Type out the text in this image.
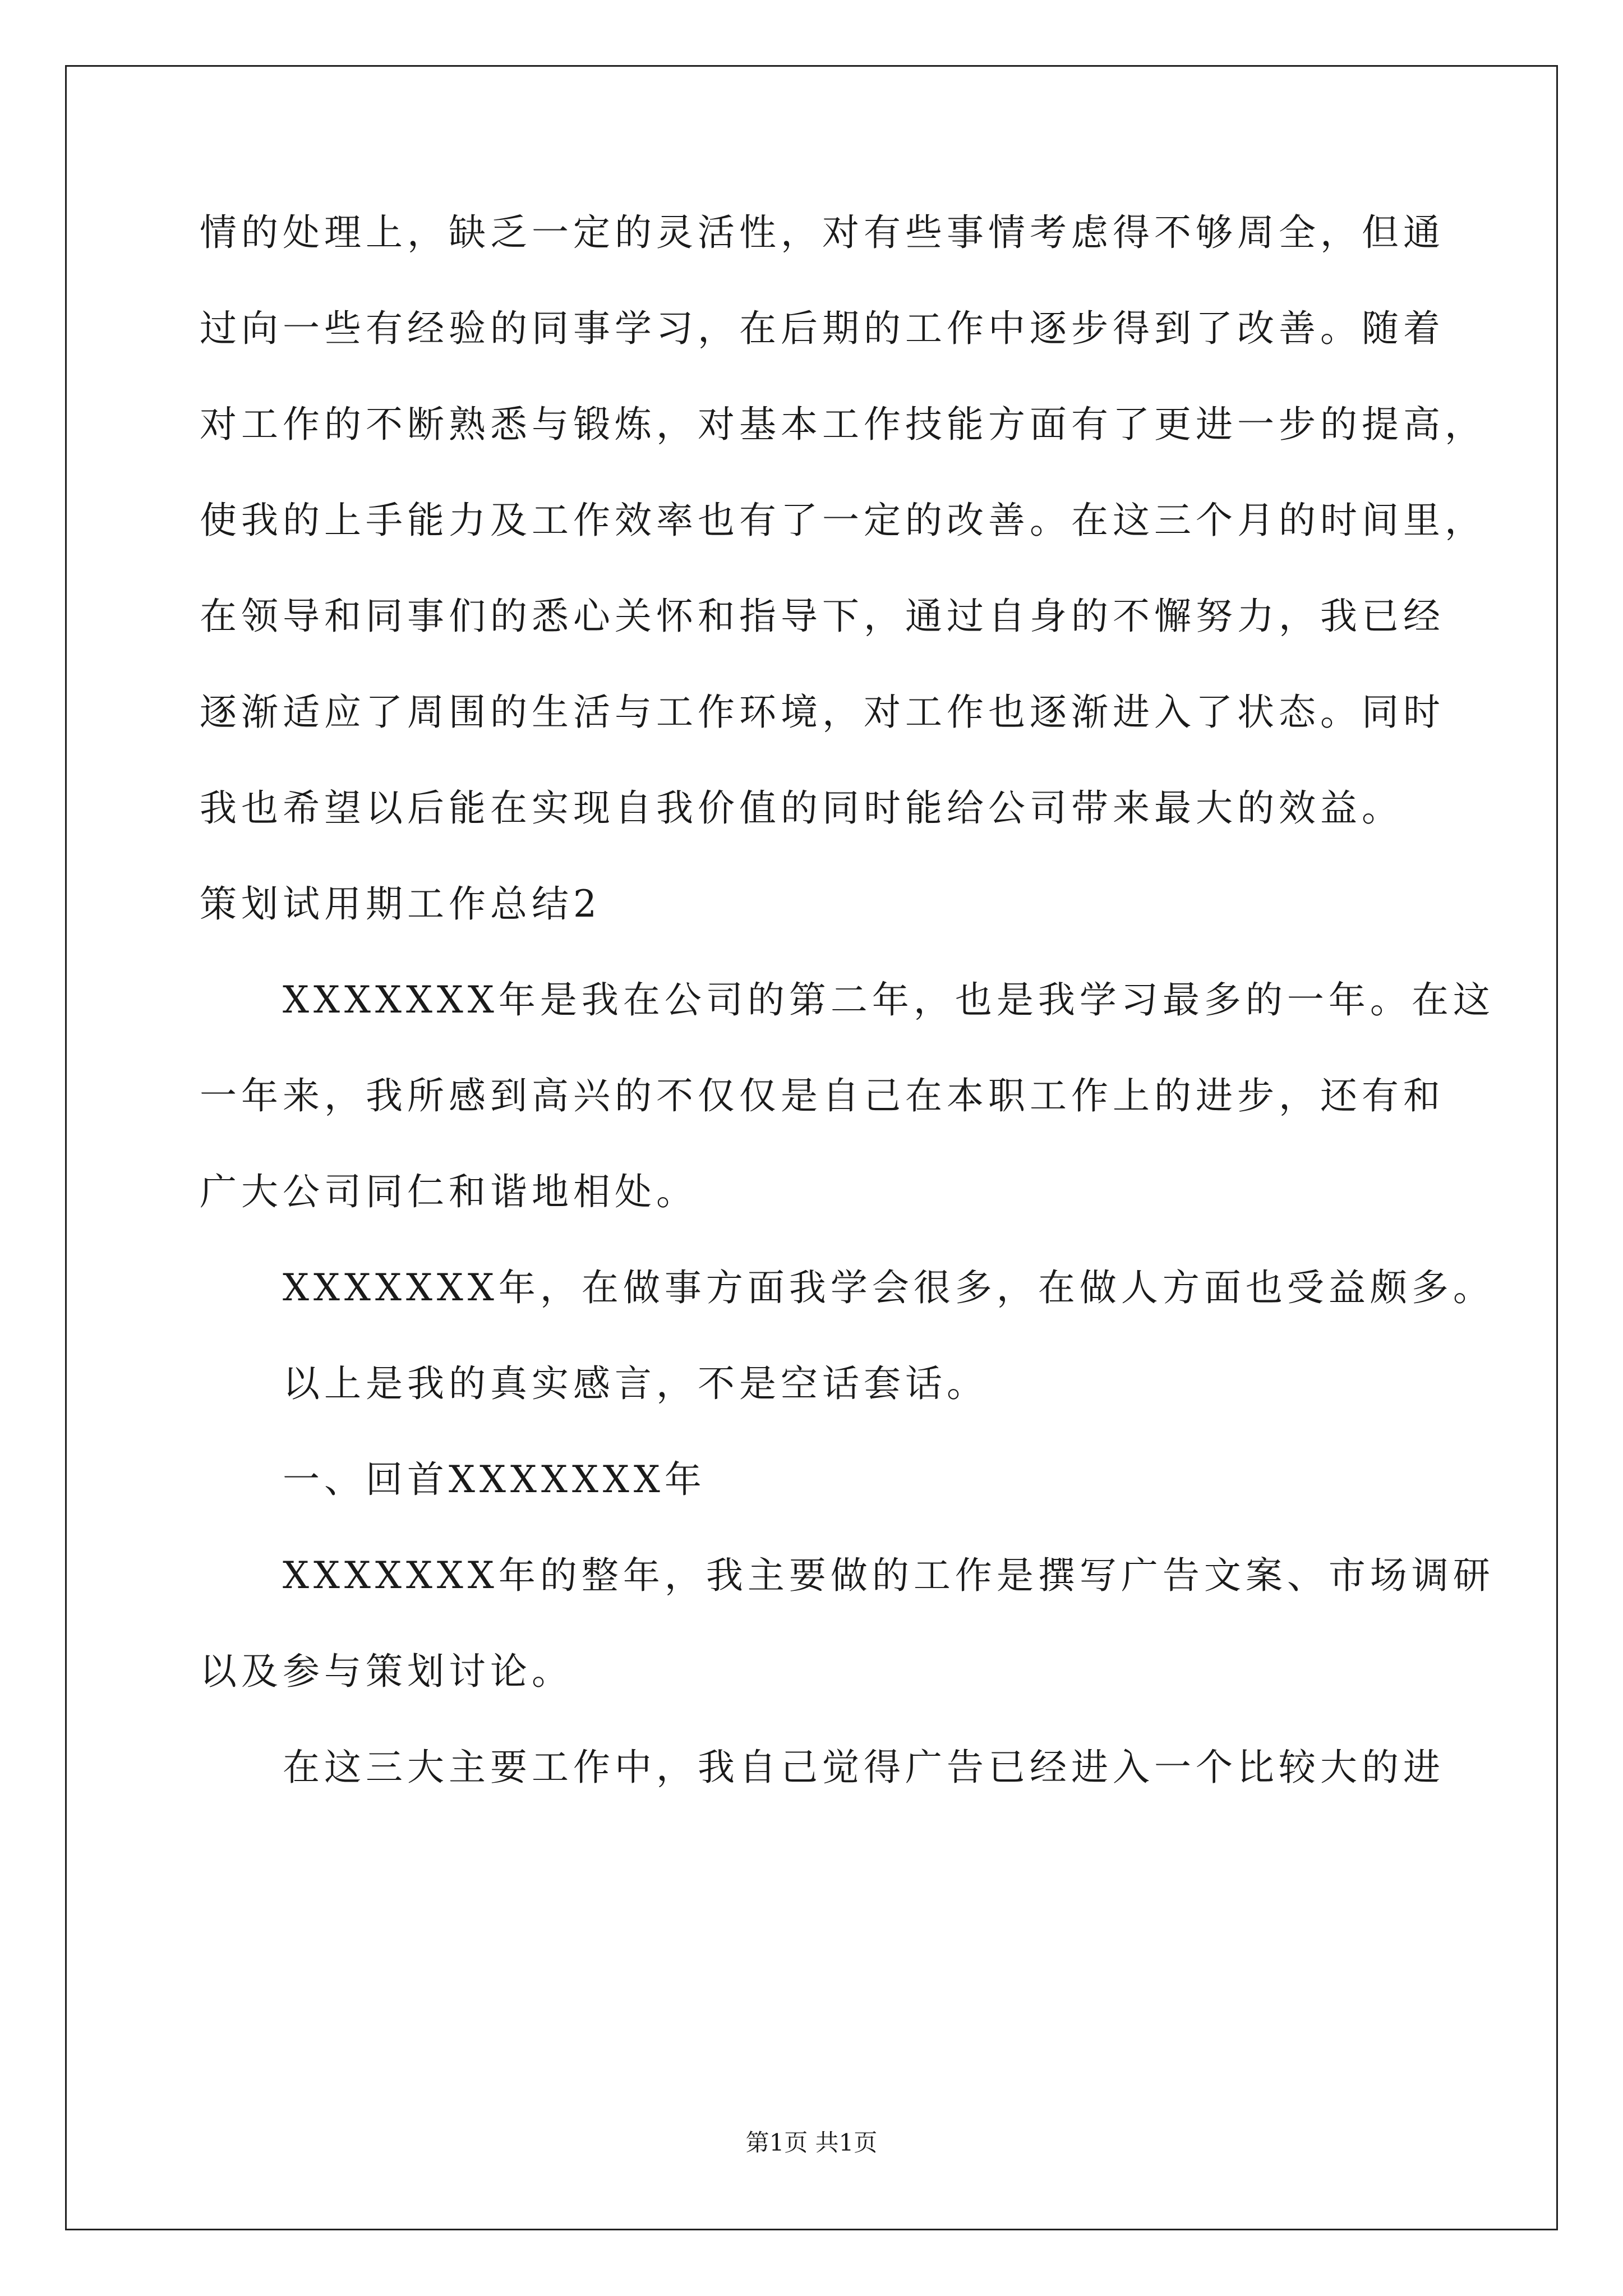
情的处理上，缺乏一定的灵活性，对有些事情考虑得不够周全，但通
过向一些有经验的同事学习，在后期的工作中逐步得到了改善。随着
对工作的不断熟悉与锻炼，对基本工作技能方面有了更进一步的提高，
使我的上手能力及工作效率也有了一定的改善。在这三个月的时间里，
在领导和同事们的悉心关怀和指导下，通过自身的不懈努力，我已经
逐渐适应了周围的生活与工作环境，对工作也逐渐进入了状态。同时
我也希望以后能在实现自我价值的同时能给公司带来最大的效益。
策划试用期工作总结2
XXXXXXX年是我在公司的第二年，也是我学习最多的一年。在这
一年来，我所感到高兴的不仅仅是自己在本职工作上的进步，还有和
广大公司同仁和谐地相处。
XXXXXXX年，在做事方面我学会很多，在做人方面也受益颇多。
以上是我的真实感言，不是空话套话。
一、回首XXXXXXX年
XXXXXXX年的整年，我主要做的工作是撰写广告文案、市场调研
以及参与策划讨论。
在这三大主要工作中，我自己觉得广告已经进入一个比较大的进
第1页 共1页
